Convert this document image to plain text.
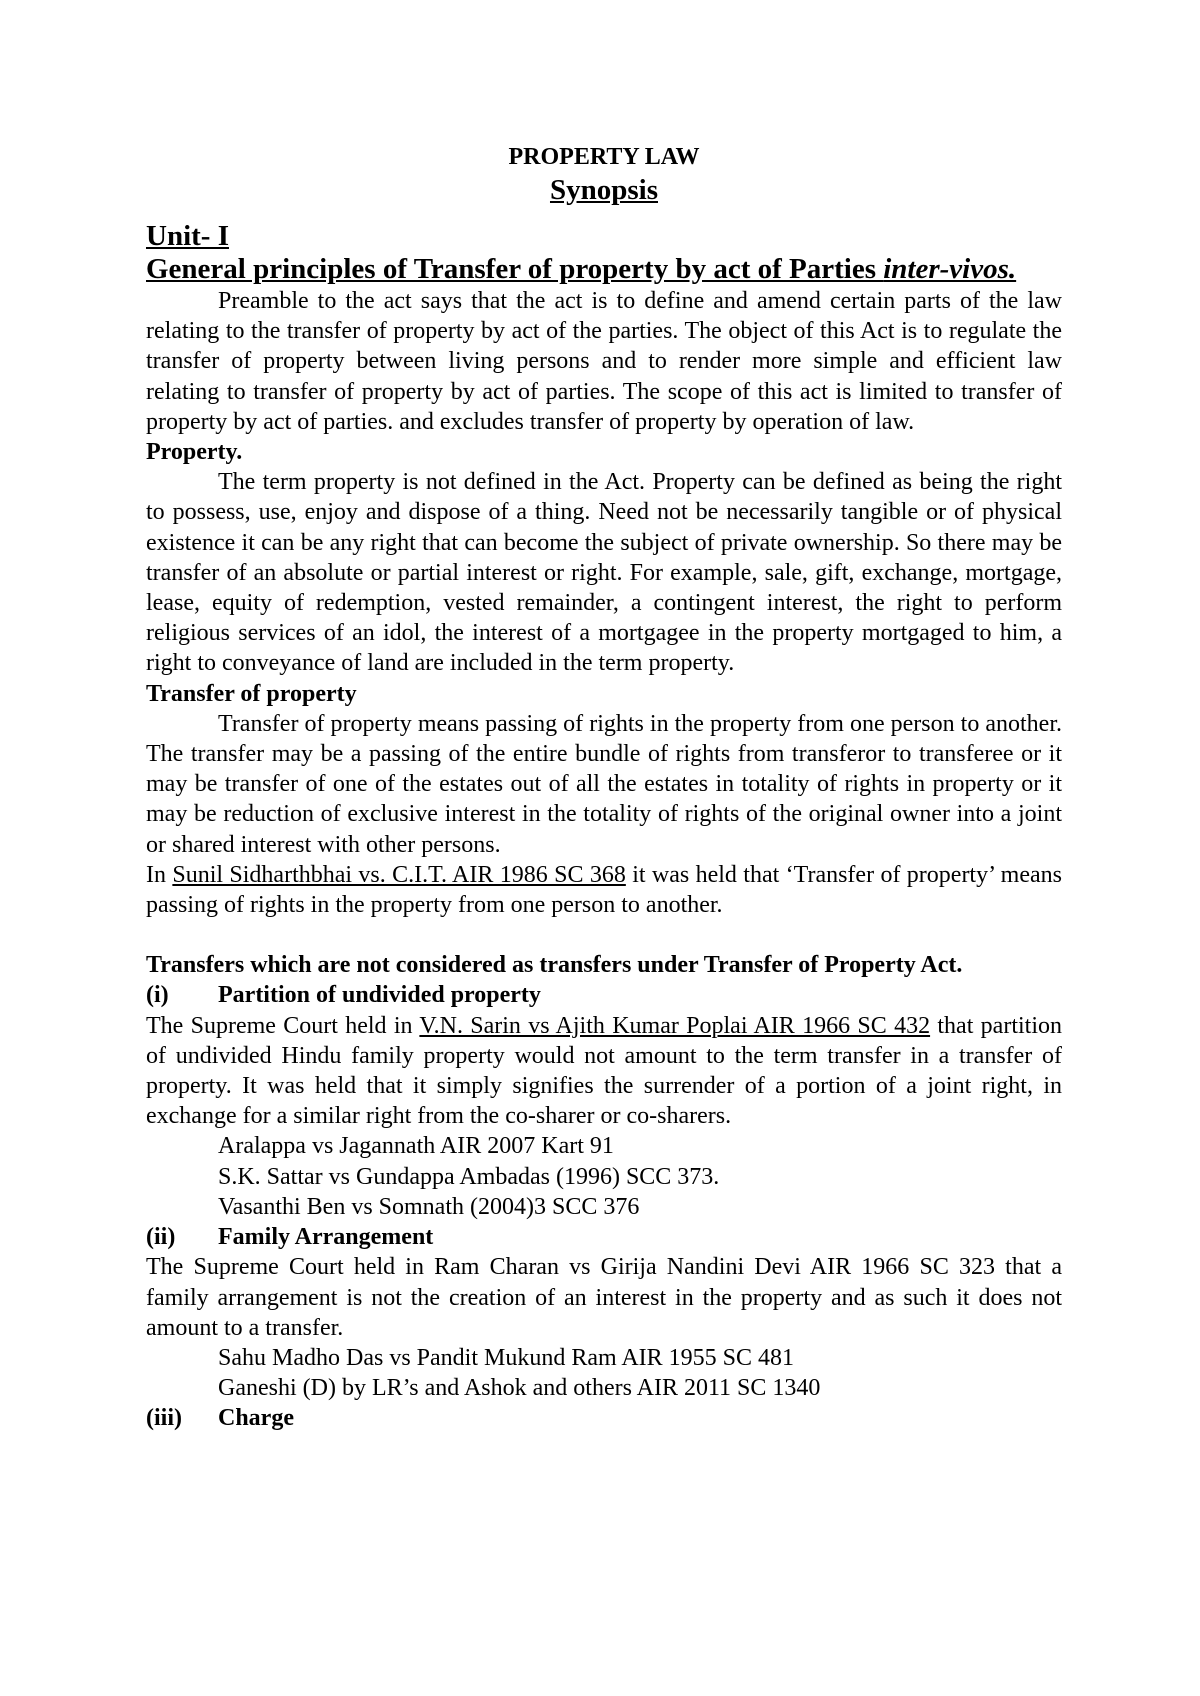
PROPERTY LAW
Synopsis
Unit- I
General principles of Transfer of property by act of Parties inter-vivos.

Preamble to the act says that the act is to define and amend certain parts of the law relating to the transfer of property by act of the parties. The object of this Act is to regulate the transfer of property between living persons and to render more simple and efficient law relating to transfer of property by act of parties. The scope of this act is limited to transfer of property by act of parties. and excludes transfer of property by operation of law.

Property.

The term property is not defined in the Act. Property can be defined as being the right to possess, use, enjoy and dispose of a thing. Need not be necessarily tangible or of physical existence it can be any right that can become the subject of private ownership. So there may be transfer of an absolute or partial interest or right. For example, sale, gift, exchange, mortgage, lease, equity of redemption, vested remainder, a contingent interest, the right to perform religious services of an idol, the interest of a mortgagee in the property mortgaged to him, a right to conveyance of land are included in the term property.

Transfer of property

Transfer of property means passing of rights in the property from one person to another. The transfer may be a passing of the entire bundle of rights from transferor to transferee or it may be transfer of one of the estates out of all the estates in totality of rights in property or it may be reduction of exclusive interest in the totality of rights of the original owner into a joint or shared interest with other persons.

In Sunil Sidharthbhai vs. C.I.T. AIR 1986 SC 368 it was held that ‘Transfer of property’ means passing of rights in the property from one person to another.

Transfers which are not considered as transfers under Transfer of Property Act.
(i)	Partition of undivided property

The Supreme Court held in V.N. Sarin vs Ajith Kumar Poplai AIR 1966 SC 432 that partition of undivided Hindu family property would not amount to the term transfer in a transfer of property. It was held that it simply signifies the surrender of a portion of a joint right, in exchange for a similar right from the co-sharer or co-sharers.

Aralappa vs Jagannath AIR 2007 Kart 91
S.K. Sattar vs Gundappa Ambadas (1996) SCC 373.
Vasanthi Ben vs Somnath (2004)3 SCC 376
(ii)	Family Arrangement

The Supreme Court held in Ram Charan vs Girija Nandini Devi AIR 1966 SC 323 that a family arrangement is not the creation of an interest in the property and as such it does not amount to a transfer.

Sahu Madho Das vs Pandit Mukund Ram AIR 1955 SC 481
Ganeshi (D) by LR’s and Ashok and others AIR 2011 SC 1340
(iii)	Charge
